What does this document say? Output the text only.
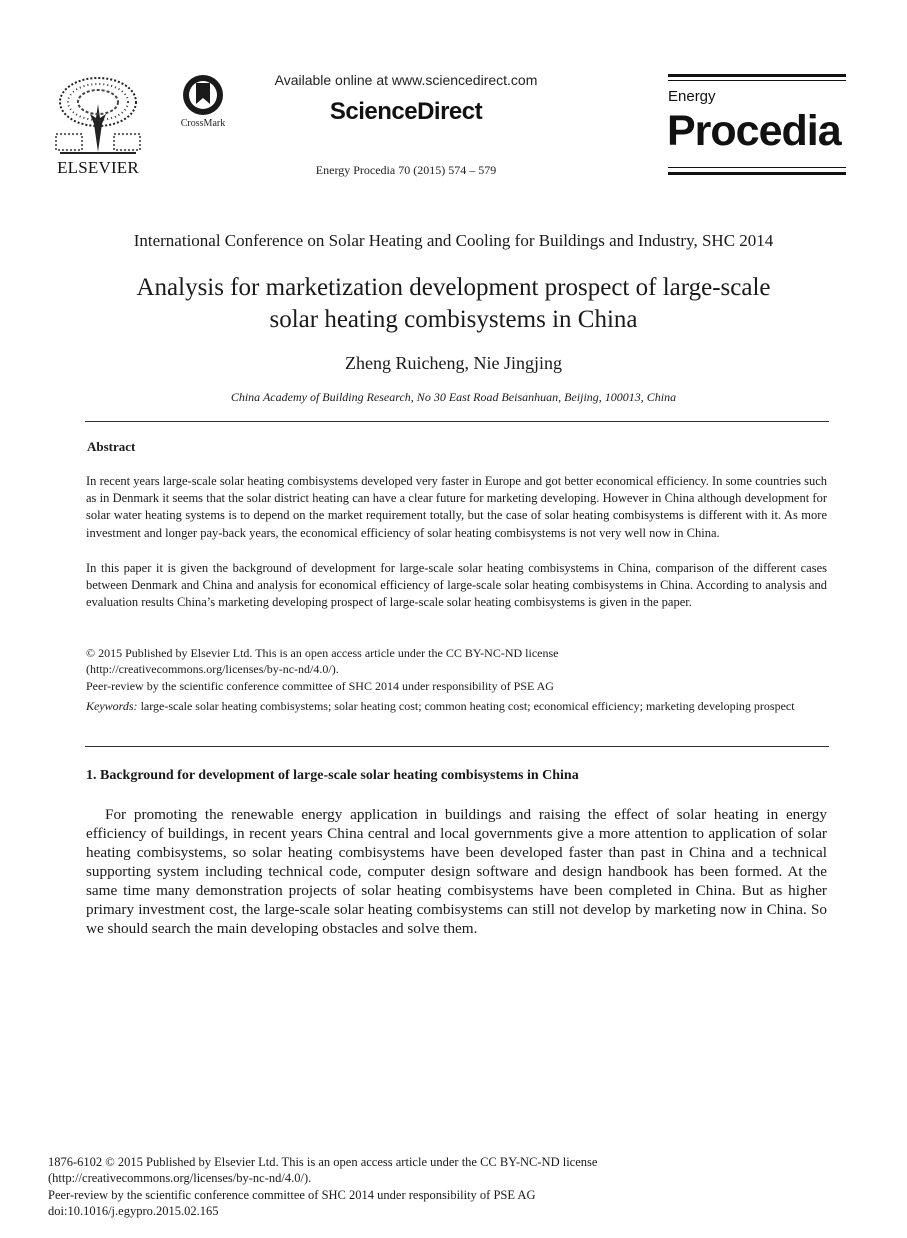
ELSEVIER
CrossMark
Available online at www.sciencedirect.com
ScienceDirect
Energy Procedia 70 (2015) 574 – 579
Energy
Procedia
International Conference on Solar Heating and Cooling for Buildings and Industry, SHC 2014
Analysis for marketization development prospect of large-scale
solar heating combisystems in China
Zheng Ruicheng, Nie Jingjing
China Academy of Building Research, No 30 East Road Beisanhuan, Beijing, 100013, China
Abstract

In recent years large-scale solar heating combisystems developed very faster in Europe and got better economical efficiency. In some countries such as in Denmark it seems that the solar district heating can have a clear future for marketing developing. However in China although development for solar water heating systems is to depend on the market requirement totally, but the case of solar heating combisystems is different with it. As more investment and longer pay-back years, the economical efficiency of solar heating combisystems is not very well now in China.

In this paper it is given the background of development for large-scale solar heating combisystems in China, comparison of the different cases between Denmark and China and analysis for economical efficiency of large-scale solar heating combisystems in China. According to analysis and evaluation results China’s marketing developing prospect of large-scale solar heating combisystems is given in the paper.

© 2015 Published by Elsevier Ltd. This is an open access article under the CC BY-NC-ND license
(http://creativecommons.org/licenses/by-nc-nd/4.0/).
Peer-review by the scientific conference committee of SHC 2014 under responsibility of PSE AG
Keywords: large-scale solar heating combisystems; solar heating cost; common heating cost; economical efficiency; marketing developing prospect
1. Background for development of large-scale solar heating combisystems in China

For promoting the renewable energy application in buildings and raising the effect of solar heating in energy efficiency of buildings, in recent years China central and local governments give a more attention to application of solar heating combisystems, so solar heating combisystems have been developed faster than past in China and a technical supporting system including technical code, computer design software and design handbook has been formed. At the same time many demonstration projects of solar heating combisystems have been completed in China. But as higher primary investment cost, the large-scale solar heating combisystems can still not develop by marketing now in China. So we should search the main developing obstacles and solve them.

1876-6102 © 2015 Published by Elsevier Ltd. This is an open access article under the CC BY-NC-ND license
(http://creativecommons.org/licenses/by-nc-nd/4.0/).
Peer-review by the scientific conference committee of SHC 2014 under responsibility of PSE AG
doi:10.1016/j.egypro.2015.02.165
